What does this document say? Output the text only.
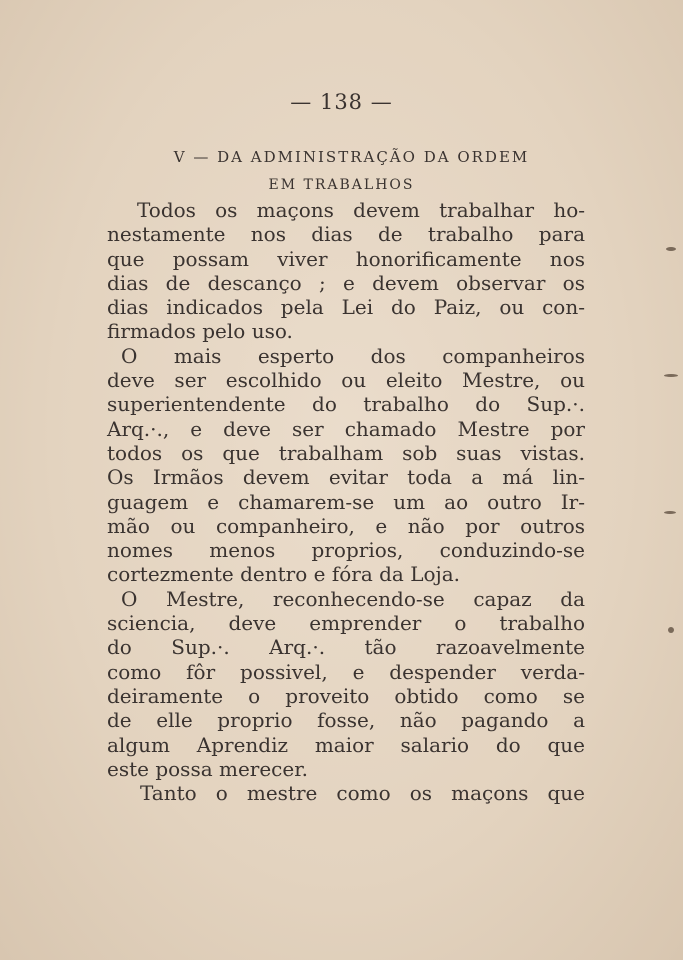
— 138 —
V — DA ADMINISTRAÇÃO DA ORDEM
EM TRABALHOS
Todos os maçons devem trabalhar ho-
nestamente nos dias de trabalho para
que possam viver honorificamente nos
dias de descanço ; e devem observar os
dias indicados pela Lei do Paiz, ou con-
firmados pelo uso.
O mais esperto dos companheiros
deve ser escolhido ou eleito Mestre, ou
superientendente do trabalho do Sup.·.
Arq.·., e deve ser chamado Mestre por
todos os que trabalham sob suas vistas.
Os Irmãos devem evitar toda a má lin-
guagem e chamarem-se um ao outro Ir-
mão ou companheiro, e não por outros
nomes menos proprios, conduzindo-se
cortezmente dentro e fóra da Loja.
O Mestre, reconhecendo-se capaz da
sciencia, deve emprender o trabalho
do Sup.·. Arq.·. tão razoavelmente
como fôr possivel, e despender verda-
deiramente o proveito obtido como se
de elle proprio fosse, não pagando a
algum Aprendiz maior salario do que
este possa merecer.
Tanto o mestre como os maçons que
